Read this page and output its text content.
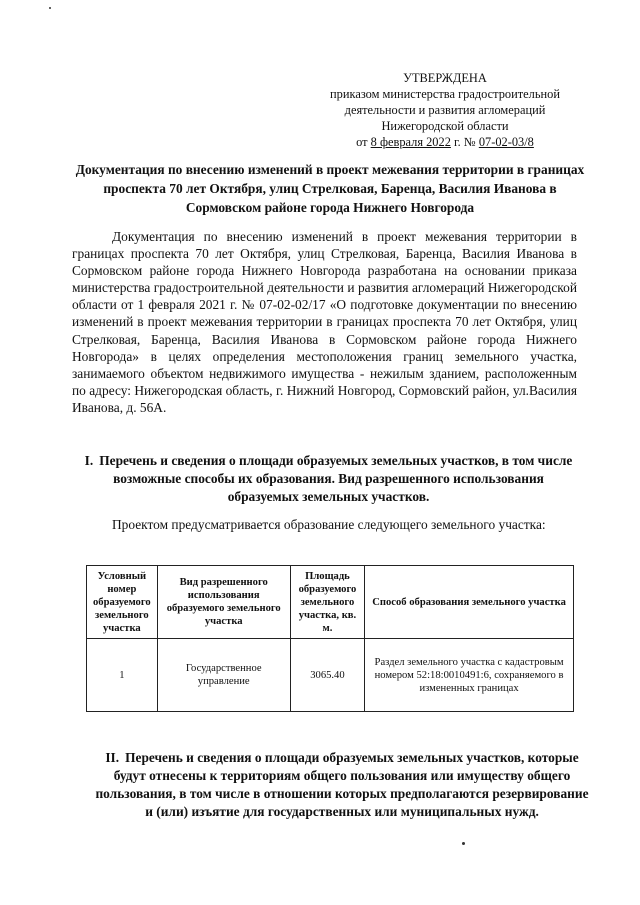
УТВЕРЖДЕНА
приказом министерства градостроительной
деятельности и развития агломераций
Нижегородской области
от 8 февраля 2022 г. № 07-02-03/8
Документация по внесению изменений в проект межевания территории в границах проспекта 70 лет Октября, улиц Стрелковая, Баренца, Василия Иванова в Сормовском районе города Нижнего Новгорода

Документация по внесению изменений в проект межевания территории в границах проспекта 70 лет Октября, улиц Стрелковая, Баренца, Василия Иванова в Сормовском районе города Нижнего Новгорода разработана на основании приказа министерства градостроительной деятельности и развития агломераций Нижегородской области от 1 февраля 2021 г. № 07-02-02/17 «О подготовке документации по внесению изменений в проект межевания территории в границах проспекта 70 лет Октября, улиц Стрелковая, Баренца, Василия Иванова в Сормовском районе города Нижнего Новгорода» в целях определения местоположения границ земельного участка, занимаемого объектом недвижимого имущества - нежилым зданием, расположенным по адресу: Нижегородская область, г. Нижний Новгород, Сормовский район, ул.Василия Иванова, д. 56А.

I. Перечень и сведения о площади образуемых земельных участков, в том числе возможные способы их образования. Вид разрешенного использования образуемых земельных участков.

Проектом предусматривается образование следующего земельного участка:

Условный номер образуемого земельного участка	Вид разрешенного использования образуемого земельного участка	Площадь образуемого земельного участка, кв. м.	Способ образования земельного участка
1	Государственное управление	3065.40	Раздел земельного участка с кадастровым номером 52:18:0010491:6, сохраняемого в измененных границах
II. Перечень и сведения о площади образуемых земельных участков, которые будут отнесены к территориям общего пользования или имуществу общего пользования, в том числе в отношении которых предполагаются резервирование и (или) изъятие для государственных или муниципальных нужд.
